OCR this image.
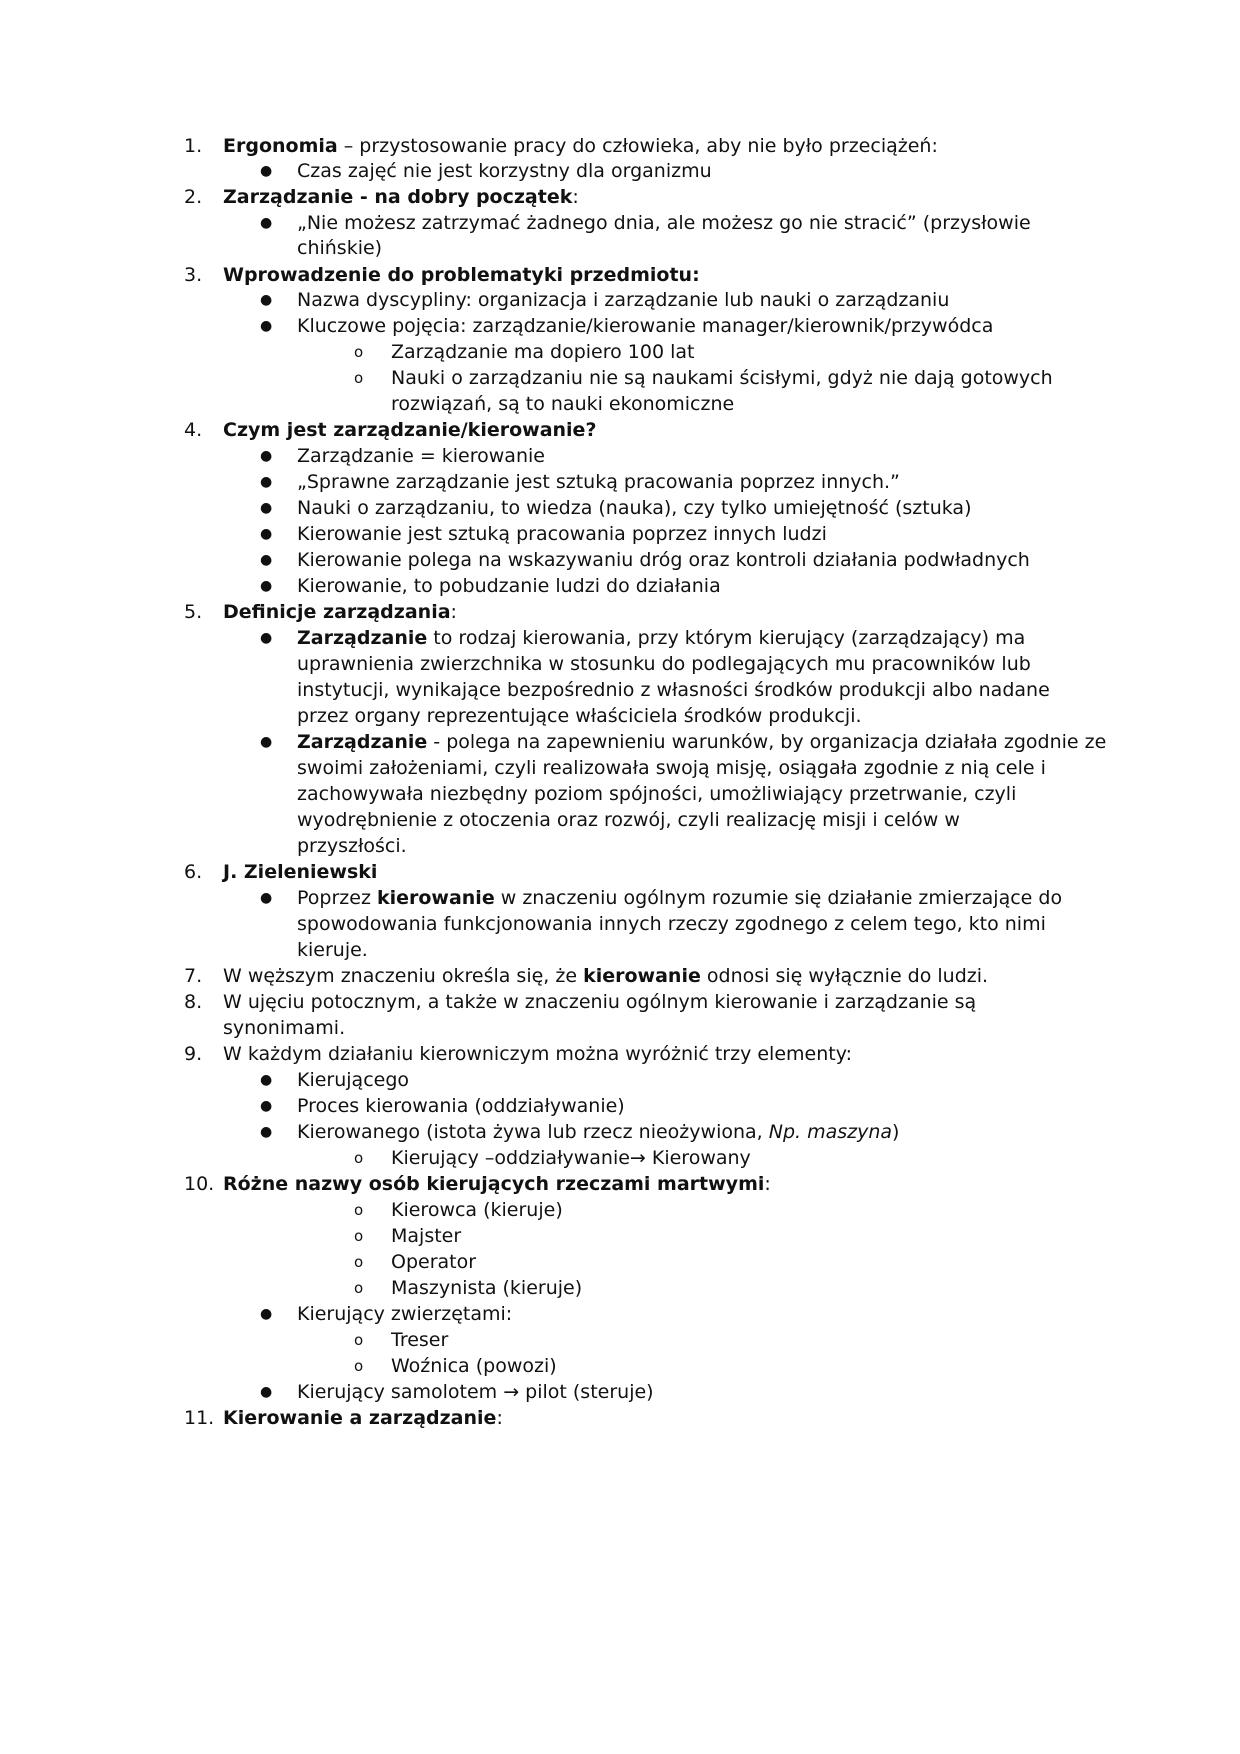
1.	Ergonomia – przystosowanie pracy do człowieka, aby nie było przeciążeń:
● Czas zajęć nie jest korzystny dla organizmu
2.	Zarządzanie - na dobry początek:
● „Nie możesz zatrzymać żadnego dnia, ale możesz go nie stracić” (przysłowie
chińskie)
3.	Wprowadzenie do problematyki przedmiotu:
● Nazwa dyscypliny: organizacja i zarządzanie lub nauki o zarządzaniu
● Kluczowe pojęcia: zarządzanie/kierowanie manager/kierownik/przywódca
o Zarządzanie ma dopiero 100 lat
o Nauki o zarządzaniu nie są naukami ścisłymi, gdyż nie dają gotowych
rozwiązań, są to nauki ekonomiczne
4.	Czym jest zarządzanie/kierowanie?
● Zarządzanie = kierowanie
● „Sprawne zarządzanie jest sztuką pracowania poprzez innych.”
● Nauki o zarządzaniu, to wiedza (nauka), czy tylko umiejętność (sztuka)
● Kierowanie jest sztuką pracowania poprzez innych ludzi
● Kierowanie polega na wskazywaniu dróg oraz kontroli działania podwładnych
● Kierowanie, to pobudzanie ludzi do działania
5.	Definicje zarządzania:
● Zarządzanie to rodzaj kierowania, przy którym kierujący (zarządzający) ma
uprawnienia zwierzchnika w stosunku do podlegających mu pracowników lub
instytucji, wynikające bezpośrednio z własności środków produkcji albo nadane
przez organy reprezentujące właściciela środków produkcji.
● Zarządzanie - polega na zapewnieniu warunków, by organizacja działała zgodnie ze
swoimi założeniami, czyli realizowała swoją misję, osiągała zgodnie z nią cele i
zachowywała niezbędny poziom spójności, umożliwiający przetrwanie, czyli
wyodrębnienie z otoczenia oraz rozwój, czyli realizację misji i celów w
przyszłości.
6.	J. Zieleniewski
● Poprzez kierowanie w znaczeniu ogólnym rozumie się działanie zmierzające do
spowodowania funkcjonowania innych rzeczy zgodnego z celem tego, kto nimi
kieruje.
7.	W węższym znaczeniu określa się, że kierowanie odnosi się wyłącznie do ludzi.
8.	W ujęciu potocznym, a także w znaczeniu ogólnym kierowanie i zarządzanie są
synonimami.
9.	W każdym działaniu kierowniczym można wyróżnić trzy elementy:
● Kierującego
● Proces kierowania (oddziaływanie)
● Kierowanego (istota żywa lub rzecz nieożywiona, Np. maszyna)
o Kierujący –oddziaływanie→ Kierowany
10. Różne nazwy osób kierujących rzeczami martwymi:
o Kierowca (kieruje)
o Majster
o Operator
o Maszynista (kieruje)
● Kierujący zwierzętami:
o Treser
o Woźnica (powozi)
● Kierujący samolotem → pilot (steruje)
11. Kierowanie a zarządzanie:
